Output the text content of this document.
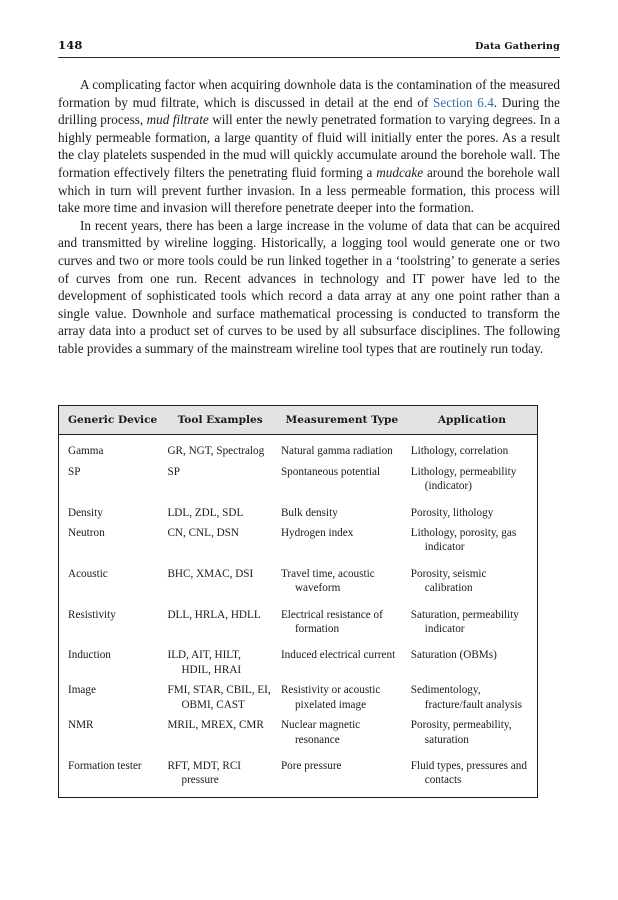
148	Data Gathering

A complicating factor when acquiring downhole data is the contamination of the measured formation by mud filtrate, which is discussed in detail at the end of Section 6.4. During the drilling process, mud filtrate will enter the newly penetrated formation to varying degrees. In a highly permeable formation, a large quantity of fluid will initially enter the pores. As a result the clay platelets suspended in the mud will quickly accumulate around the borehole wall. The formation effectively filters the penetrating fluid forming a mudcake around the borehole wall which in turn will prevent further invasion. In a less permeable formation, this process will take more time and invasion will therefore penetrate deeper into the formation.

In recent years, there has been a large increase in the volume of data that can be acquired and transmitted by wireline logging. Historically, a logging tool would generate one or two curves and two or more tools could be run linked together in a ‘toolstring’ to generate a series of curves from one run. Recent advances in technology and IT power have led to the development of sophisticated tools which record a data array at any one point rather than a single value. Downhole and surface mathematical processing is conducted to transform the array data into a product set of curves to be used by all subsurface disciplines. The following table provides a summary of the mainstream wireline tool types that are routinely run today.

Generic Device	Tool Examples	Measurement Type	Application

Gamma	GR, NGT, Spectralog	Natural gamma radiation	Lithology, correlation

SP	SP	Spontaneous potential	Lithology, permeability (indicator)

Density	LDL, ZDL, SDL	Bulk density	Porosity, lithology

Neutron	CN, CNL, DSN	Hydrogen index	Lithology, porosity, gas indicator

Acoustic	BHC, XMAC, DSI	Travel time, acoustic waveform	Porosity, seismic calibration

Resistivity	DLL, HRLA, HDLL	Electrical resistance of formation	Saturation, permeability indicator

Induction	ILD, AIT, HILT, HDIL, HRAI	Induced electrical current	Saturation (OBMs)

Image	FMI, STAR, CBIL, EI, OBMI, CAST	Resistivity or acoustic pixelated image	Sedimentology, fracture/fault analysis

NMR	MRIL, MREX, CMR	Nuclear magnetic resonance	Porosity, permeability, saturation

Formation tester	RFT, MDT, RCI pressure	Pore pressure	Fluid types, pressures and contacts
